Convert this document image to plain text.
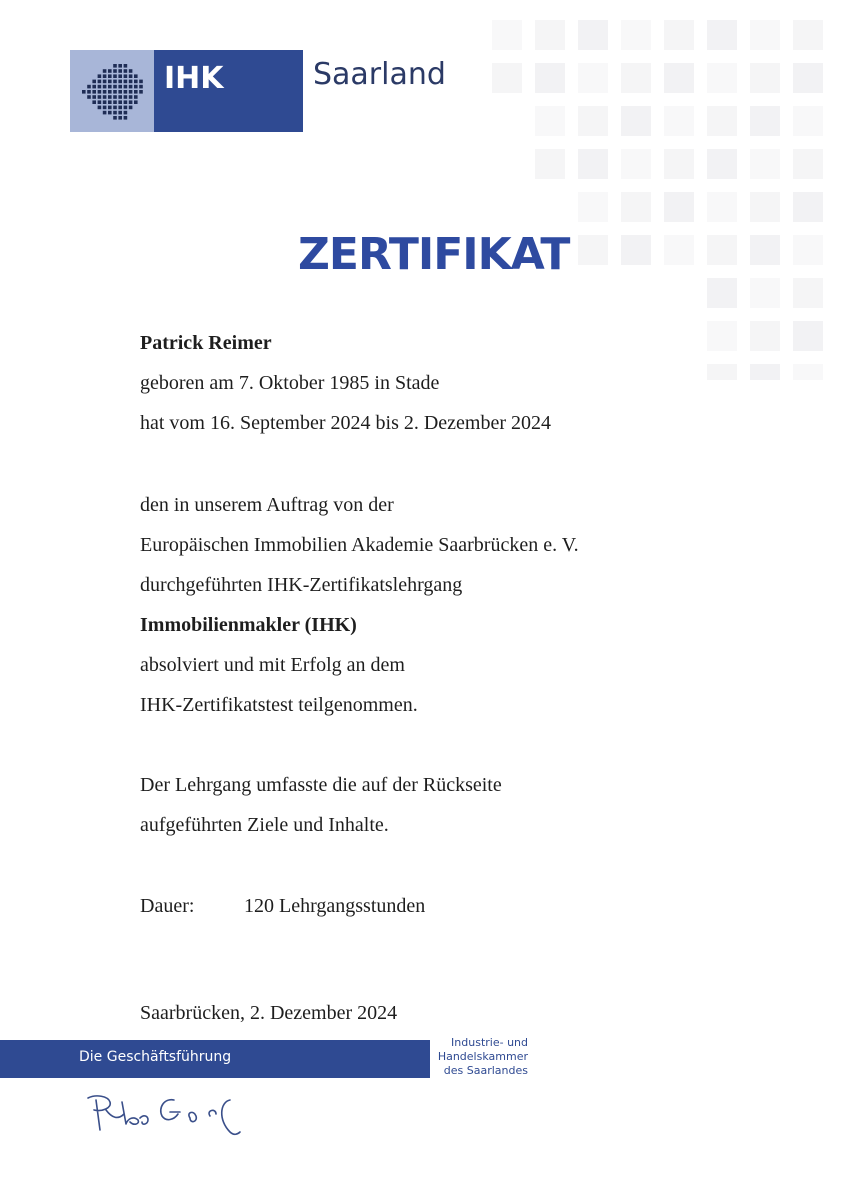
IHK	Saarland
ZERTIFIKAT
Patrick Reimer
geboren am 7. Oktober 1985 in Stade
hat vom 16. September 2024 bis 2. Dezember 2024
den in unserem Auftrag von der
Europäischen Immobilien Akademie Saarbrücken e. V.
durchgeführten IHK-Zertifikatslehrgang
Immobilienmakler (IHK)
absolviert und mit Erfolg an dem
IHK-Zertifikatstest teilgenommen.
Der Lehrgang umfasste die auf der Rückseite
aufgeführten Ziele und Inhalte.
Dauer: 120 Lehrgangsstunden
Saarbrücken, 2. Dezember 2024
Die Geschäftsführung
Industrie- und
Handelskammer
des Saarlandes
